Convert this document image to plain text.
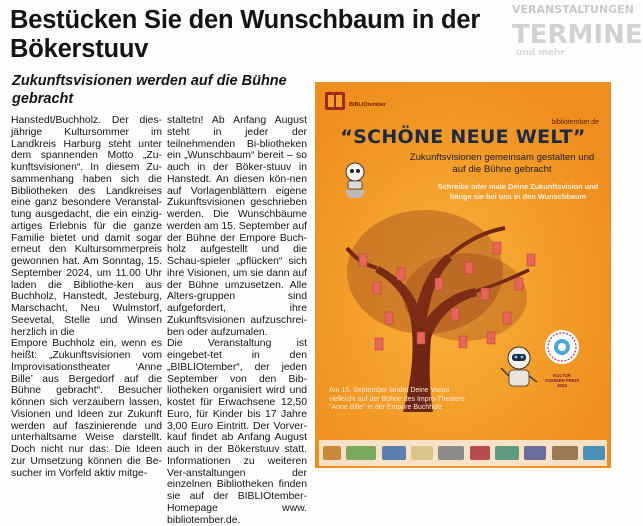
VERANSTALTUNGEN
TERMINE
und mehr
Bestücken Sie den Wunschbaum in der Bökerstuuv
Zukunftsvisionen werden auf die Bühne gebracht
Hanstedt/Buchholz. Der dies-jährige Kultursommer im Landkreis Harburg steht unter dem spannenden Motto „Zu-kunftsvisionen“. In diesem Zu-sammenhang haben sich die Bibliotheken des Landkreises eine ganz besondere Veranstal-tung ausgedacht, die ein einzig-artiges Erlebnis für die ganze Familie bietet und damit sogar erneut den Kultursommerpreis gewonnen hat. Am Sonntag, 15. September 2024, um 11.00 Uhr laden die Bibliothe-ken aus Buchholz, Hanstedt, Jesteburg, Marschacht, Neu Wulmstorf, Seevetal, Stelle und Winsen herzlich in die
Empore Buchholz ein, wenn es heißt: „Zukunftsvisionen vom Improvisationstheater ‘Anne Bille’ aus Bergedorf auf die Bühne gebracht“. Besucher können sich verzaubern lassen, Visionen und Ideen zur Zukunft werden auf faszinierende und unterhaltsame Weise darstellt. Doch nicht nur das: Die Ideen zur Umsetzung können die Be-sucher im Vorfeld aktiv mitge-
staltetn! Ab Anfang August steht in jeder der teilnehmenden Bi-bliotheken ein „Wunschbaum“ bereit – so auch in der Böker-stuuv in Hanstedt. An diesen kön-nen auf Vorlagenblättern eigene Zukunftsvisionen geschrieben werden. Die Wunschbäume werden am 15. September auf der Bühne der Empore Buch-holz aufgestellt und die Schau-spieler „pflücken“ sich ihre Visionen, um sie dann auf der Bühne umzusetzen. Alle Alters-gruppen sind aufgefordert, ihre Zukunftsvisionen aufzuschrei-ben oder aufzumalen.
Die Veranstaltung ist eingebet-tet in den „BIBLIOtember“, der jeden September von den Bib-liotheken organisiert wird und kostet für Erwachsene 12,50 Euro, für Kinder bis 17 Jahre 3,00 Euro Eintritt. Der Vorver-kauf findet ab Anfang August auch in der Bökerstuuv statt. Informationen zu weiteren Ver-anstaltungen der einzelnen Bibliotheken finden sie auf der BIBLIOtember-Homepage www. bibliotember.de.
BIBLIOtember
bibliotember.de
“SCHÖNE NEUE WELT”
Zukunftsvisionen gemeinsam gestalten und auf die Bühne gebracht
Schreibe oder male Deine Zukunftsvision und hänge sie bei uns in den Wunschbaum
Am 15. September landet Deine Vision vielleicht auf der Bühne des Impro-Theaters "Anne Bille" in der Empore Buchholz
KULTUR SOMMER PREIS 2024
